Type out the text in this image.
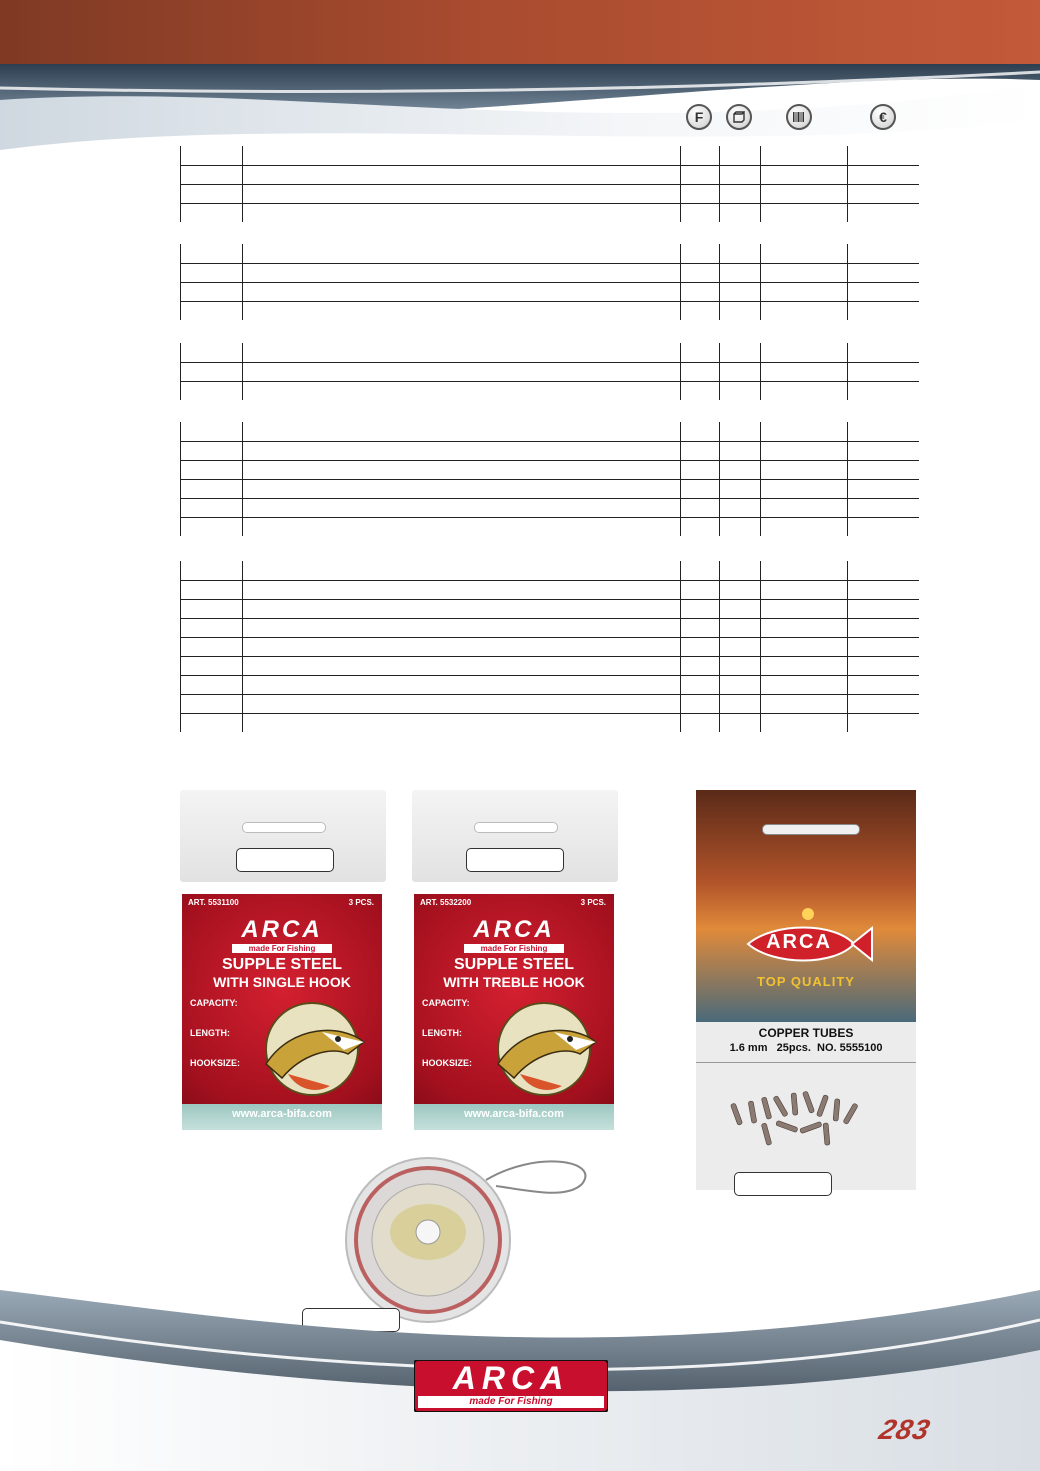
F	€

ART. 5531100	3 PCS.
ARCA
made For Fishing
SUPPLE STEEL
WITH SINGLE HOOK
CAPACITY:
LENGTH:
HOOKSIZE:
www.arca-bifa.com
ART. 5532200	3 PCS.
ARCA
made For Fishing
SUPPLE STEEL
WITH TREBLE HOOK
CAPACITY:
LENGTH:
HOOKSIZE:
www.arca-bifa.com
ARCA
TOP QUALITY
COPPER TUBES
1.6 mm   25pcs.  NO. 5555100
ARCA
made For Fishing
283
